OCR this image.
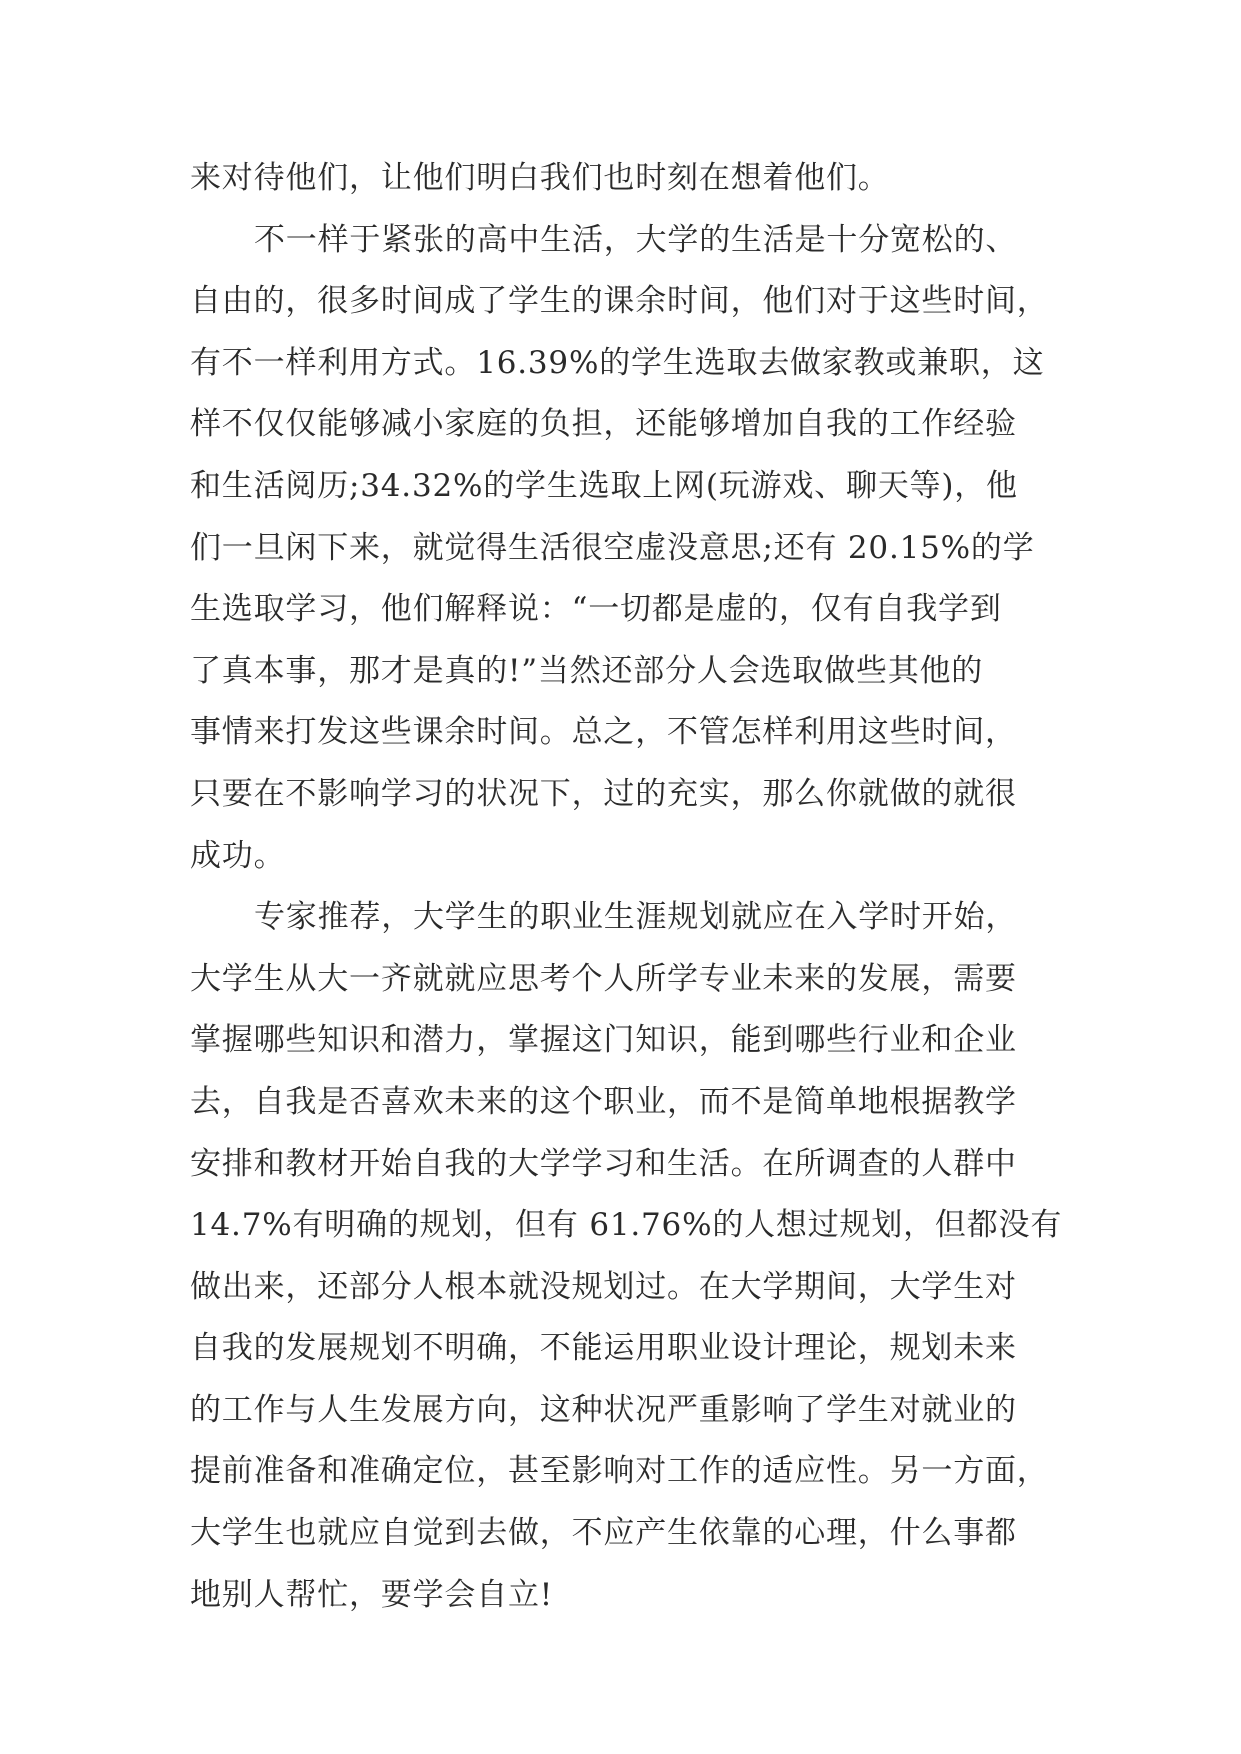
来对待他们，让他们明白我们也时刻在想着他们。
不一样于紧张的高中生活，大学的生活是十分宽松的、
自由的，很多时间成了学生的课余时间，他们对于这些时间，
有不一样利用方式。16.39%的学生选取去做家教或兼职，这
样不仅仅能够减小家庭的负担，还能够增加自我的工作经验
和生活阅历;34.32%的学生选取上网(玩游戏、聊天等)，他
们一旦闲下来，就觉得生活很空虚没意思;还有 20.15%的学
生选取学习，他们解释说：“一切都是虚的，仅有自我学到
了真本事，那才是真的!”当然还部分人会选取做些其他的
事情来打发这些课余时间。总之，不管怎样利用这些时间，
只要在不影响学习的状况下，过的充实，那么你就做的就很
成功。
专家推荐，大学生的职业生涯规划就应在入学时开始，
大学生从大一齐就就应思考个人所学专业未来的发展，需要
掌握哪些知识和潜力，掌握这门知识，能到哪些行业和企业
去，自我是否喜欢未来的这个职业，而不是简单地根据教学
安排和教材开始自我的大学学习和生活。在所调查的人群中
14.7%有明确的规划，但有 61.76%的人想过规划，但都没有
做出来，还部分人根本就没规划过。在大学期间，大学生对
自我的发展规划不明确，不能运用职业设计理论，规划未来
的工作与人生发展方向，这种状况严重影响了学生对就业的
提前准备和准确定位，甚至影响对工作的适应性。另一方面，
大学生也就应自觉到去做，不应产生依靠的心理，什么事都
地别人帮忙，要学会自立!
